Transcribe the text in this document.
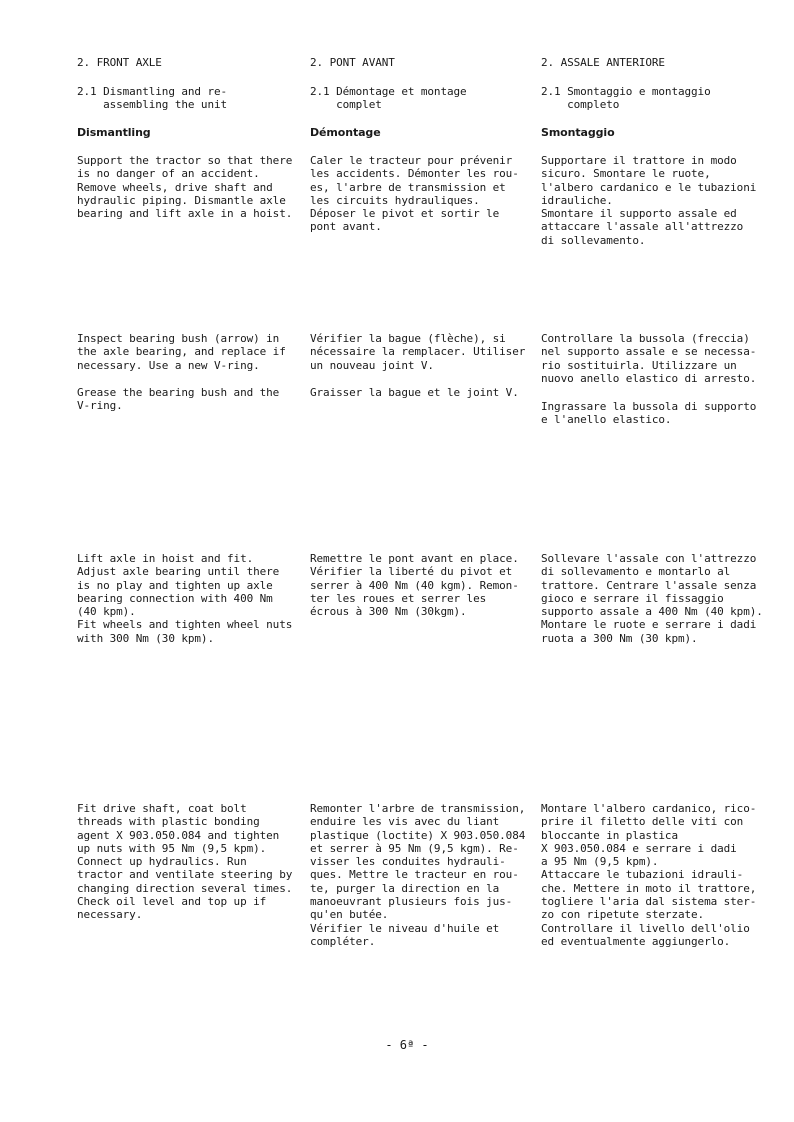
2. FRONT AXLE

2.1 Dismantling and re-
assembling the unit

Dismantling

Support the tractor so that there
is no danger of an accident.
Remove wheels, drive shaft and
hydraulic piping. Dismantle axle
bearing and lift axle in a hoist.

Inspect bearing bush (arrow) in
the axle bearing, and replace if
necessary. Use a new V-ring.

Grease the bearing bush and the
V-ring.

Lift axle in hoist and fit.
Adjust axle bearing until there
is no play and tighten up axle
bearing connection with 400 Nm
(40 kpm).
Fit wheels and tighten wheel nuts
with 300 Nm (30 kpm).

Fit drive shaft, coat bolt
threads with plastic bonding
agent X 903.050.084 and tighten
up nuts with 95 Nm (9,5 kpm).
Connect up hydraulics. Run
tractor and ventilate steering by
changing direction several times.
Check oil level and top up if
necessary.

2. PONT AVANT

2.1 Démontage et montage
complet

Démontage

Caler le tracteur pour prévenir
les accidents. Démonter les rou-
es, l'arbre de transmission et
les circuits hydrauliques.
Déposer le pivot et sortir le
pont avant.

Vérifier la bague (flèche), si
nécessaire la remplacer. Utiliser
un nouveau joint V.

Graisser la bague et le joint V.

Remettre le pont avant en place.
Vérifier la liberté du pivot et
serrer à 400 Nm (40 kgm). Remon-
ter les roues et serrer les
écrous à 300 Nm (30kgm).

Remonter l'arbre de transmission,
enduire les vis avec du liant
plastique (loctite) X 903.050.084
et serrer à 95 Nm (9,5 kgm). Re-
visser les conduites hydrauli-
ques. Mettre le tracteur en rou-
te, purger la direction en la
manoeuvrant plusieurs fois jus-
qu'en butée.
Vérifier le niveau d'huile et
compléter.

2. ASSALE ANTERIORE

2.1 Smontaggio e montaggio
completo

Smontaggio

Supportare il trattore in modo
sicuro. Smontare le ruote,
l'albero cardanico e le tubazioni
idrauliche.
Smontare il supporto assale ed
attaccare l'assale all'attrezzo
di sollevamento.

Controllare la bussola (freccia)
nel supporto assale e se necessa-
rio sostituirla. Utilizzare un
nuovo anello elastico di arresto.

Ingrassare la bussola di supporto
e l'anello elastico.

Sollevare l'assale con l'attrezzo
di sollevamento e montarlo al
trattore. Centrare l'assale senza
gioco e serrare il fissaggio
supporto assale a 400 Nm (40 kpm).
Montare le ruote e serrare i dadi
ruota a 300 Nm (30 kpm).

Montare l'albero cardanico, rico-
prire il filetto delle viti con
bloccante in plastica
X 903.050.084 e serrare i dadi
a 95 Nm (9,5 kpm).
Attaccare le tubazioni idrauli-
che. Mettere in moto il trattore,
togliere l'aria dal sistema ster-
zo con ripetute sterzate.
Controllare il livello dell'olio
ed eventualmente aggiungerlo.

- 6ª -
